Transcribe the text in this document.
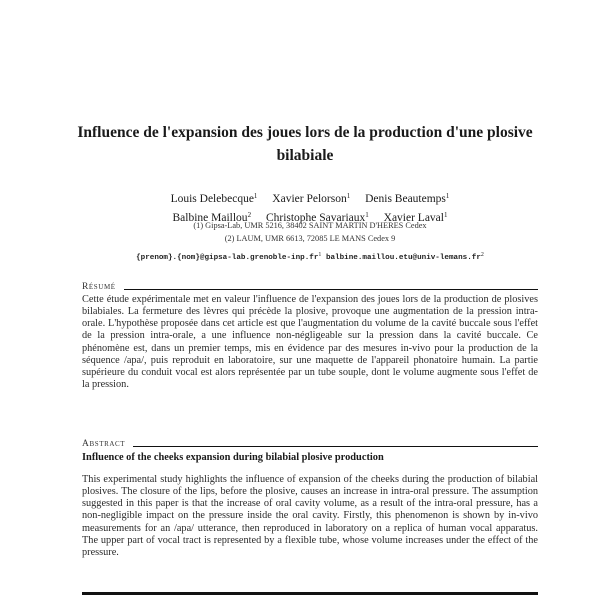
Influence de l'expansion des joues lors de la production d'une plosive bilabiale
Louis Delebecque$^1$ Xavier Pelorson$^1$ Denis Beautemps$^1$
Balbine Maillou$^2$ Christophe Savariaux$^1$ Xavier Laval$^1$
(1) Gipsa-Lab, UMR 5216, 38402 SAINT MARTIN D'HERES Cedex
(2) LAUM, UMR 6613, 72085 LE MANS Cedex 9
$\{prenom\}.\{nom\}@gipsa-lab.grenoble-inp.fr^1$ $balbine.maillou.etu@univ-lemans.fr^2$
Résumé
Cette étude expérimentale met en valeur l'influence de l'expansion des joues lors de la production de plosives bilabiales. La fermeture des lèvres qui précède la plosive, provoque une augmentation de la pression intra-orale. L'hypothèse proposée dans cet article est que l'augmentation du volume de la cavité buccale sous l'effet de la pression intra-orale, a une influence non-négligeable sur la pression dans la cavité buccale. Ce phénomène est, dans un premier temps, mis en évidence par des mesures in-vivo pour la production de la séquence /apa/, puis reproduit en laboratoire, sur une maquette de l'appareil phonatoire humain. La partie supérieure du conduit vocal est alors représentée par un tube souple, dont le volume augmente sous l'effet de la pression.
Abstract
Influence of the cheeks expansion during bilabial plosive production
This experimental study highlights the influence of expansion of the cheeks during the production of bilabial plosives. The closure of the lips, before the plosive, causes an increase in intra-oral pressure. The assumption suggested in this paper is that the increase of oral cavity volume, as a result of the intra-oral pressure, has a non-negligible impact on the pressure inside the oral cavity. Firstly, this phenomenon is shown by in-vivo measurements for an /apa/ utterance, then reproduced in laboratory on a replica of human vocal apparatus. The upper part of vocal tract is represented by a flexible tube, whose volume increases under the effect of the pressure.
